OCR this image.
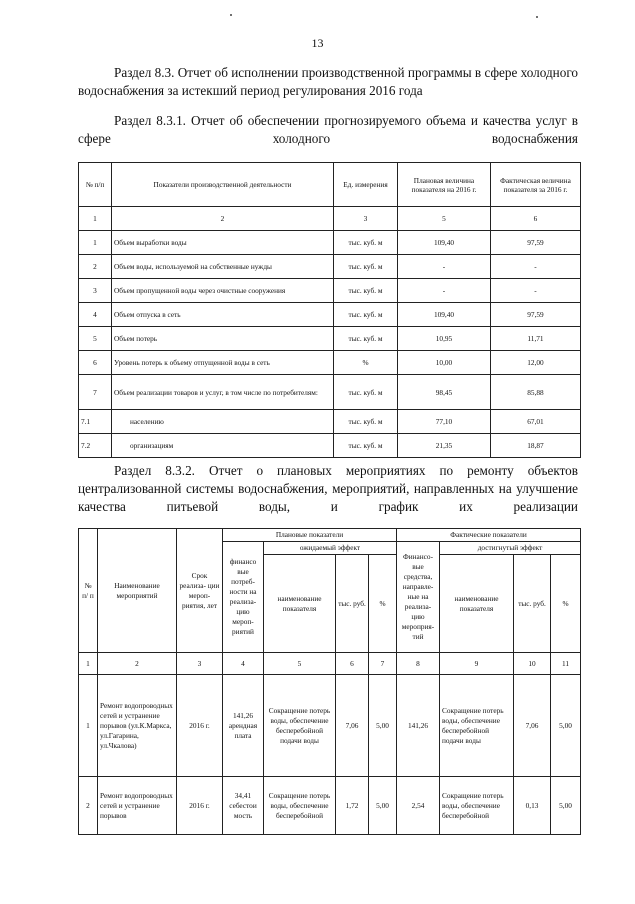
13
Раздел 8.3. Отчет об исполнении производственной программы в сфере холодного водоснабжения за истекший период регулирования 2016 года
Раздел 8.3.1. Отчет об обеспечении прогнозируемого объема и качества услуг в сфере холодного водоснабжения
№ п/п	Показатели производственной деятельности	Ед. измерения	Плановая величина показателя на 2016 г.	Фактическая величина показателя за 2016 г.
1	2	3	5	6
1	Объем выработки воды	тыс. куб. м	109,40	97,59
2	Объем воды, используемой на собственные нужды	тыс. куб. м	-	-
3	Объем пропущенной воды через очистные сооружения	тыс. куб. м	-	-
4	Объем отпуска в сеть	тыс. куб. м	109,40	97,59
5	Объем потерь	тыс. куб. м	10,95	11,71
6	Уровень потерь к объему отпущенной воды в сеть	%	10,00	12,00
7	Объем реализации товаров и услуг, в том числе по потребителям:	тыс. куб. м	98,45	85,88
7.1	населению	тыс. куб. м	77,10	67,01
7.2	организациям	тыс. куб. м	21,35	18,87
Раздел 8.3.2. Отчет о плановых мероприятиях по ремонту объектов централизованной системы водоснабжения, мероприятий, направленных на улучшение качества питьевой воды, и график их реализации
№ п/ п	Наименование мероприятий	Срок реализа- ции мероп- риятия, лет	Плановые показатели				Фактические показатели			
			финансо вые потреб- ности на реализа- цию мероп- риятий	ожидаемый эффект			Финансо- вые средства, направле- ные на реализа- цию мероприя- тий	достигнутый эффект		
				наименование показателя	тыс. руб.	%		наименование показателя	тыс. руб.	%
1	2	3	4	5	6	7	8	9	10	11
1	Ремонт водопроводных сетей и устранение порывов (ул.К.Маркса, ул.Гагарина, ул.Чкалова)	2016 г.	141,26 арендная плата	Сокращение потерь воды, обеспечение бесперебойной подачи воды	7,06	5,00	141,26	Сокращение потерь воды, обеспечение бесперебойной подачи воды	7,06	5,00
2	Ремонт водопроводных сетей и устранение порывов	2016 г.	34,41 себестои мость	Сокращение потерь воды, обеспечение бесперебойной	1,72	5,00	2,54	Сокращение потерь воды, обеспечение бесперебойной	0,13	5,00
